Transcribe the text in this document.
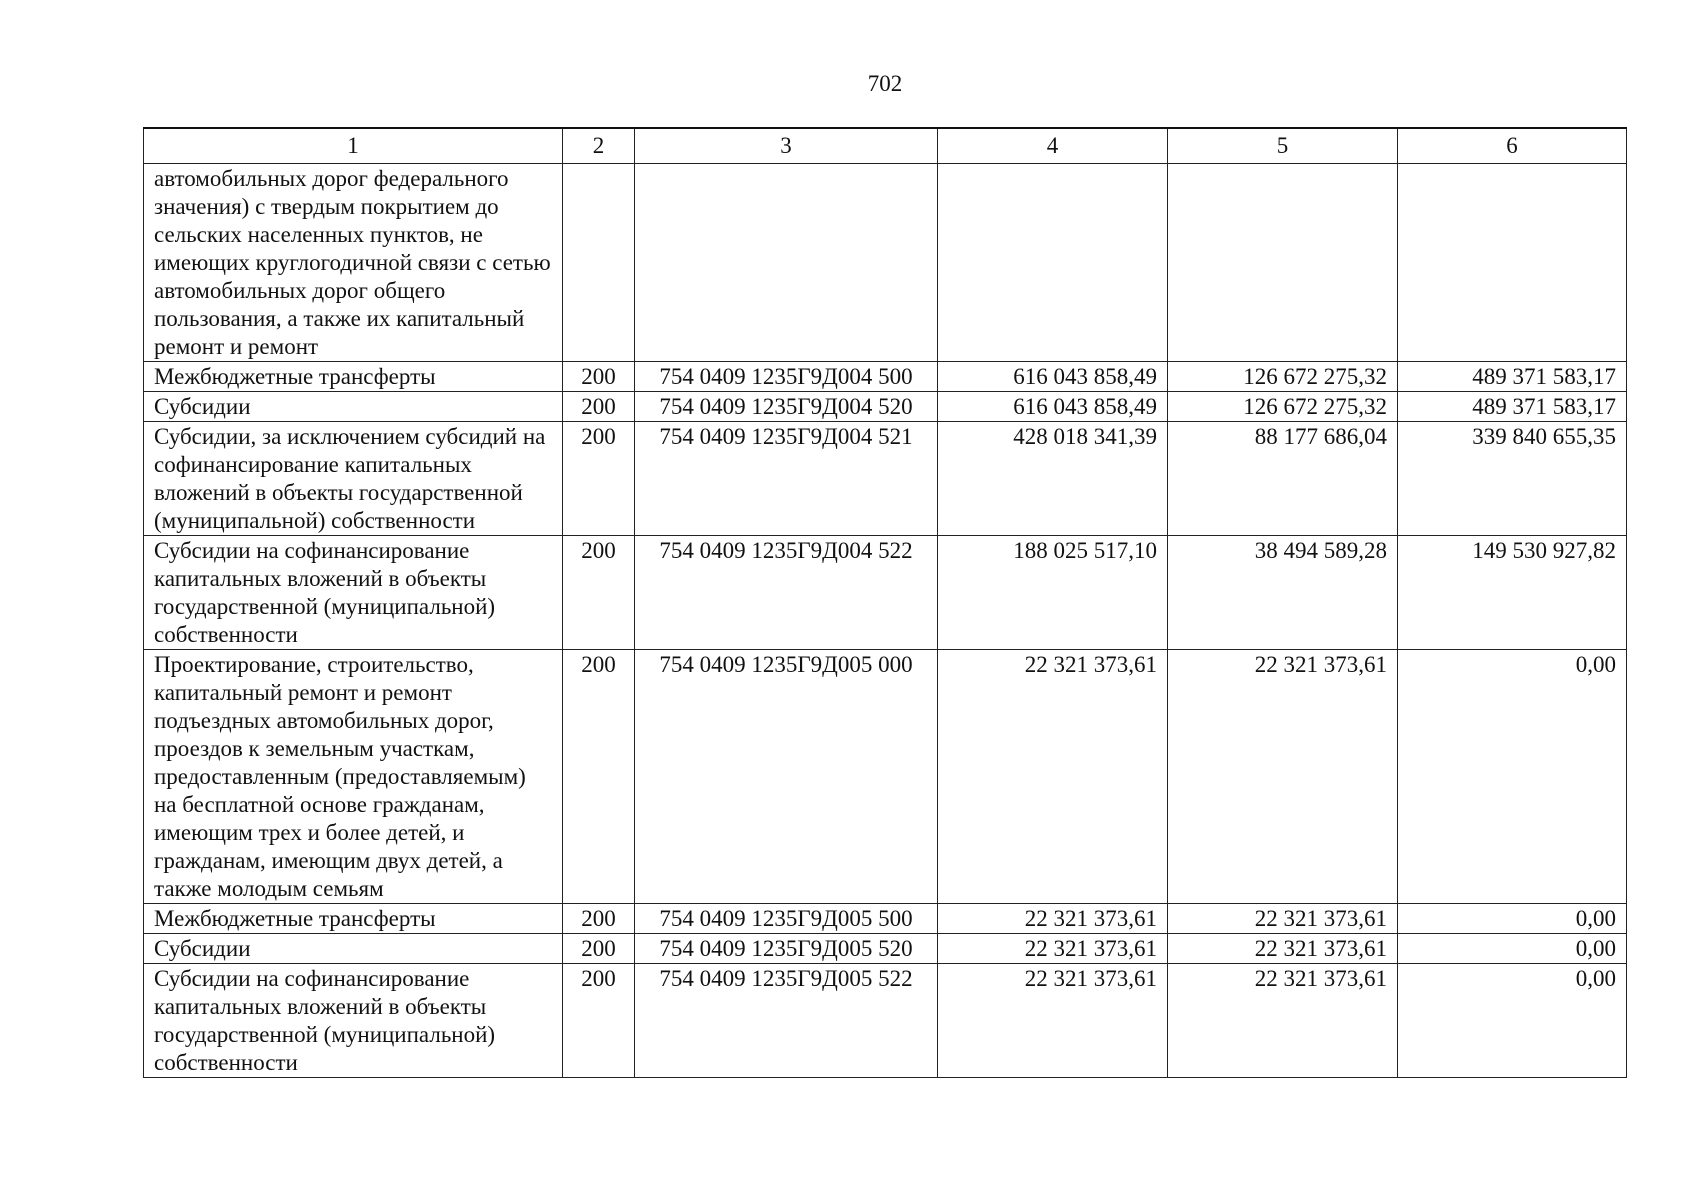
702
1	2	3	4	5	6
автомобильных дорог федерального значения) с твердым покрытием до сельских населенных пунктов, не имеющих круглогодичной связи с сетью автомобильных дорог общего пользования, а также их капитальный ремонт и ремонт					
Межбюджетные трансферты	200	754 0409 1235Г9Д004 500	616 043 858,49	126 672 275,32	489 371 583,17
Субсидии	200	754 0409 1235Г9Д004 520	616 043 858,49	126 672 275,32	489 371 583,17
Субсидии, за исключением субсидий на софинансирование капитальных вложений в объекты государственной (муниципальной) собственности	200	754 0409 1235Г9Д004 521	428 018 341,39	88 177 686,04	339 840 655,35
Субсидии на софинансирование капитальных вложений в объекты государственной (муниципальной) собственности	200	754 0409 1235Г9Д004 522	188 025 517,10	38 494 589,28	149 530 927,82
Проектирование, строительство, капитальный ремонт и ремонт подъездных автомобильных дорог, проездов к земельным участкам, предоставленным (предоставляемым) на бесплатной основе гражданам, имеющим трех и более детей, и гражданам, имеющим двух детей, а также молодым семьям	200	754 0409 1235Г9Д005 000	22 321 373,61	22 321 373,61	0,00
Межбюджетные трансферты	200	754 0409 1235Г9Д005 500	22 321 373,61	22 321 373,61	0,00
Субсидии	200	754 0409 1235Г9Д005 520	22 321 373,61	22 321 373,61	0,00
Субсидии на софинансирование капитальных вложений в объекты государственной (муниципальной) собственности	200	754 0409 1235Г9Д005 522	22 321 373,61	22 321 373,61	0,00
